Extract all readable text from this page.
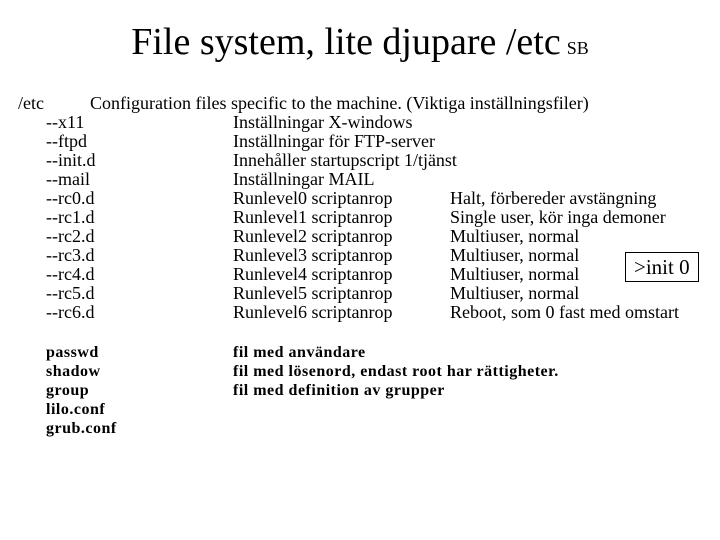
File system, lite djupare /etc SB
/etc	Configuration files specific to the machine. (Viktiga inställningsfiler)
--x11	Inställningar X-windows
--ftpd	Inställningar för FTP-server
--init.d	Innehåller startupscript 1/tjänst
--mail	Inställningar MAIL
--rc0.d	Runlevel0 scriptanrop	Halt, förbereder avstängning
--rc1.d	Runlevel1 scriptanrop	Single user, kör inga demoner
--rc2.d	Runlevel2 scriptanrop	Multiuser, normal
--rc3.d	Runlevel3 scriptanrop	Multiuser, normal
--rc4.d	Runlevel4 scriptanrop	Multiuser, normal
--rc5.d	Runlevel5 scriptanrop	Multiuser, normal
--rc6.d	Runlevel6 scriptanrop	Reboot, som 0 fast med omstart
>init 0
passwd	fil med användare
shadow	fil med lösenord, endast root har rättigheter.
group	fil med definition av grupper
lilo.conf
grub.conf
